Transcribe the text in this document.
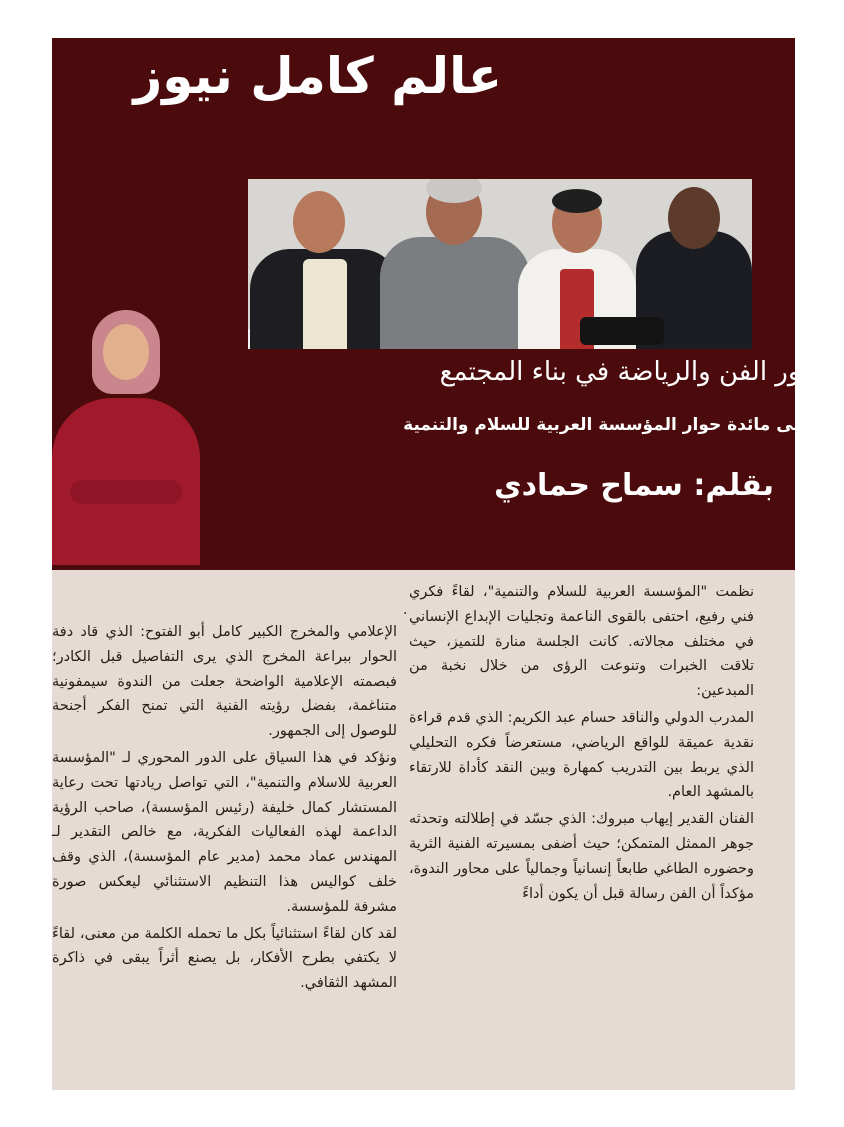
عالم كامل نيوز
دور الفن والرياضة في بناء المجتمع
على مائدة حوار المؤسسة العربية للسلام والتنمية
بقلم: سماح حمادي

نظمت "المؤسسة العربية للسلام والتنمية"، لقاءً فكري فني رفيع، احتفى بالقوى الناعمة وتجليات الإبداع الإنساني في مختلف مجالاته. كانت الجلسة منارة للتميز، حيث تلاقت الخبرات وتنوعت الرؤى من خلال نخبة من المبدعين:

المدرب الدولي والناقد حسام عبد الكريم: الذي قدم قراءة نقدية عميقة للواقع الرياضي، مستعرضاً فكره التحليلي الذي يربط بين التدريب كمهارة وبين النقد كأداة للارتقاء بالمشهد العام.

الفنان القدير إيهاب مبروك: الذي جسّد في إطلالته وتحدثه جوهر الممثل المتمكن؛ حيث أضفى بمسيرته الفنية الثرية وحضوره الطاغي طابعاً إنسانياً وجمالياً على محاور الندوة، مؤكداً أن الفن رسالة قبل أن يكون أداءً

.

الإعلامي والمخرج الكبير كامل أبو الفتوح: الذي قاد دفة الحوار ببراعة المخرج الذي يرى التفاصيل قبل الكادر؛ فبصمته الإعلامية الواضحة جعلت من الندوة سيمفونية متناغمة، بفضل رؤيته الفنية التي تمنح الفكر أجنحة للوصول إلى الجمهور.

ونؤكد في هذا السياق على الدور المحوري لـ "المؤسسة العربية للاسلام والتنمية"، التي تواصل ريادتها تحت رعاية المستشار كمال خليفة (رئيس المؤسسة)، صاحب الرؤية الداعمة لهذه الفعاليات الفكرية، مع خالص التقدير لـ المهندس عماد محمد (مدير عام المؤسسة)، الذي وقف خلف كواليس هذا التنظيم الاستثنائي ليعكس صورة مشرفة للمؤسسة.

لقد كان لقاءً استثنائياً بكل ما تحمله الكلمة من معنى، لقاءً لا يكتفي بطرح الأفكار، بل يصنع أثراً يبقى في ذاكرة المشهد الثقافي.
